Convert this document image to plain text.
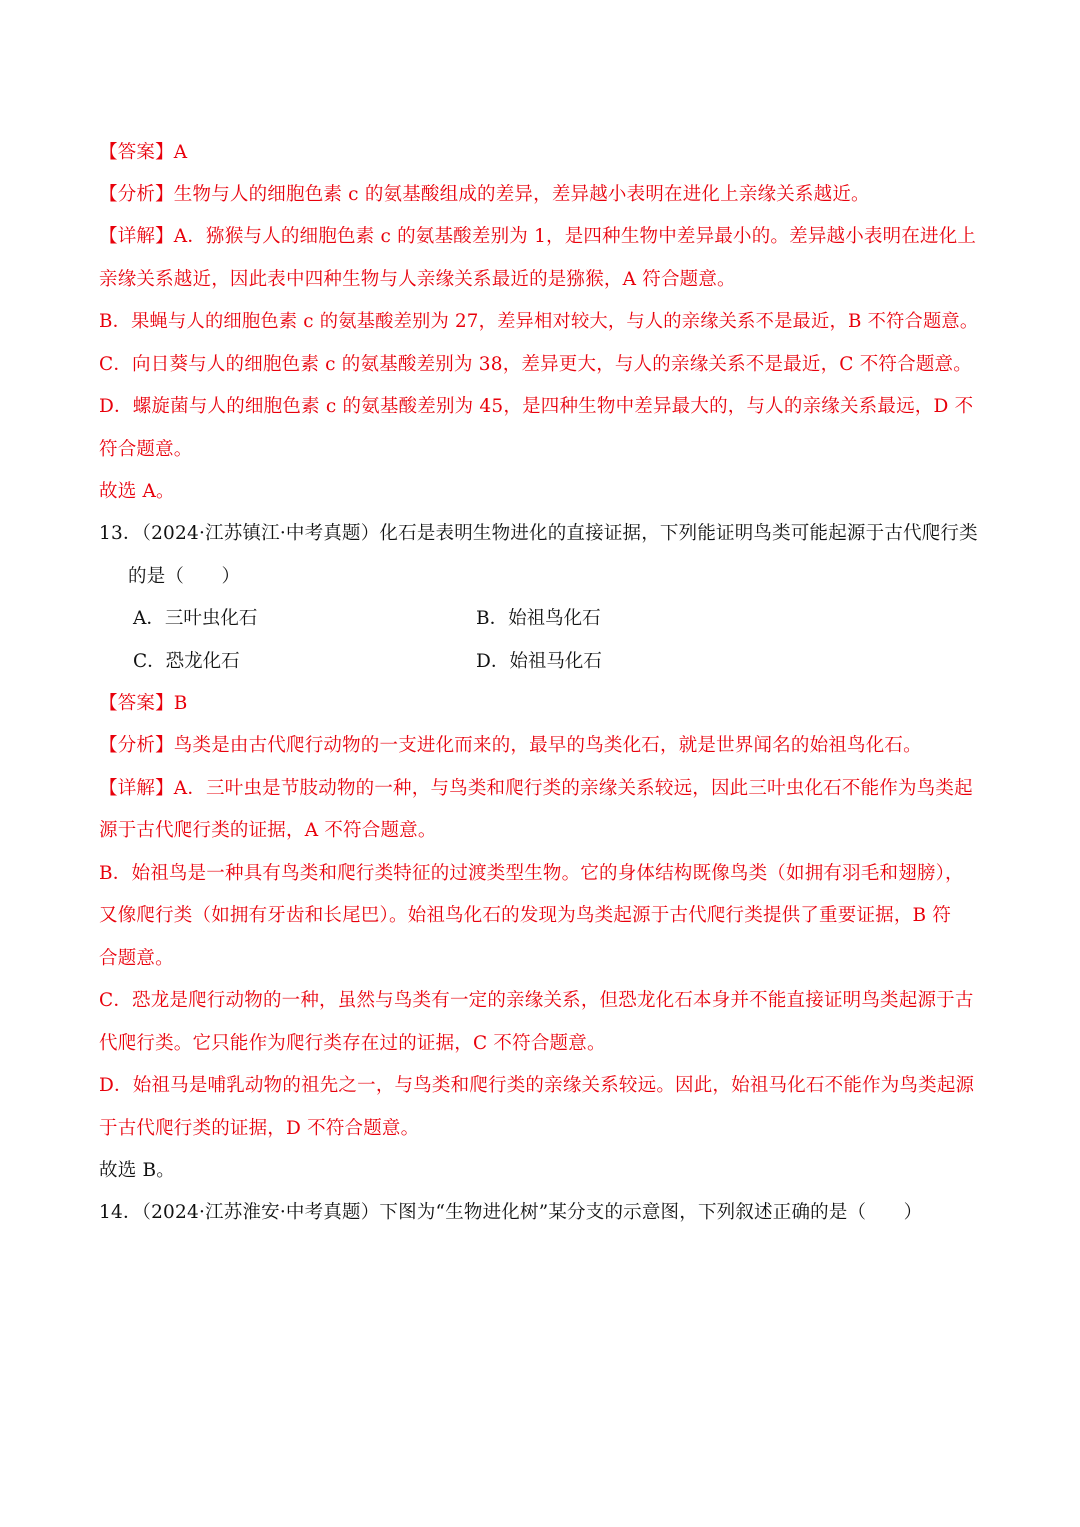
【答案】A
【分析】生物与人的细胞色素 c 的氨基酸组成的差异，差异越小表明在进化上亲缘关系越近。
【详解】A．猕猴与人的细胞色素 c 的氨基酸差别为 1，是四种生物中差异最小的。差异越小表明在进化上
亲缘关系越近，因此表中四种生物与人亲缘关系最近的是猕猴，A 符合题意。
B．果蝇与人的细胞色素 c 的氨基酸差别为 27，差异相对较大，与人的亲缘关系不是最近，B 不符合题意。
C．向日葵与人的细胞色素 c 的氨基酸差别为 38，差异更大，与人的亲缘关系不是最近，C 不符合题意。
D．螺旋菌与人的细胞色素 c 的氨基酸差别为 45，是四种生物中差异最大的，与人的亲缘关系最远，D 不
符合题意。
故选 A。
13．（2024·江苏镇江·中考真题）化石是表明生物进化的直接证据，下列能证明鸟类可能起源于古代爬行类
的是（　　）
A．三叶虫化石	B．始祖鸟化石
C．恐龙化石	D．始祖马化石
【答案】B
【分析】鸟类是由古代爬行动物的一支进化而来的，最早的鸟类化石，就是世界闻名的始祖鸟化石。
【详解】A．三叶虫是节肢动物的一种，与鸟类和爬行类的亲缘关系较远，因此三叶虫化石不能作为鸟类起
源于古代爬行类的证据，A 不符合题意。
B．始祖鸟是一种具有鸟类和爬行类特征的过渡类型生物。它的身体结构既像鸟类（如拥有羽毛和翅膀），
又像爬行类（如拥有牙齿和长尾巴）。始祖鸟化石的发现为鸟类起源于古代爬行类提供了重要证据，B 符
合题意。
C．恐龙是爬行动物的一种，虽然与鸟类有一定的亲缘关系，但恐龙化石本身并不能直接证明鸟类起源于古
代爬行类。它只能作为爬行类存在过的证据，C 不符合题意。
D．始祖马是哺乳动物的祖先之一，与鸟类和爬行类的亲缘关系较远。因此，始祖马化石不能作为鸟类起源
于古代爬行类的证据，D 不符合题意。
故选 B。
14．（2024·江苏淮安·中考真题）下图为“生物进化树”某分支的示意图，下列叙述正确的是（　　）
